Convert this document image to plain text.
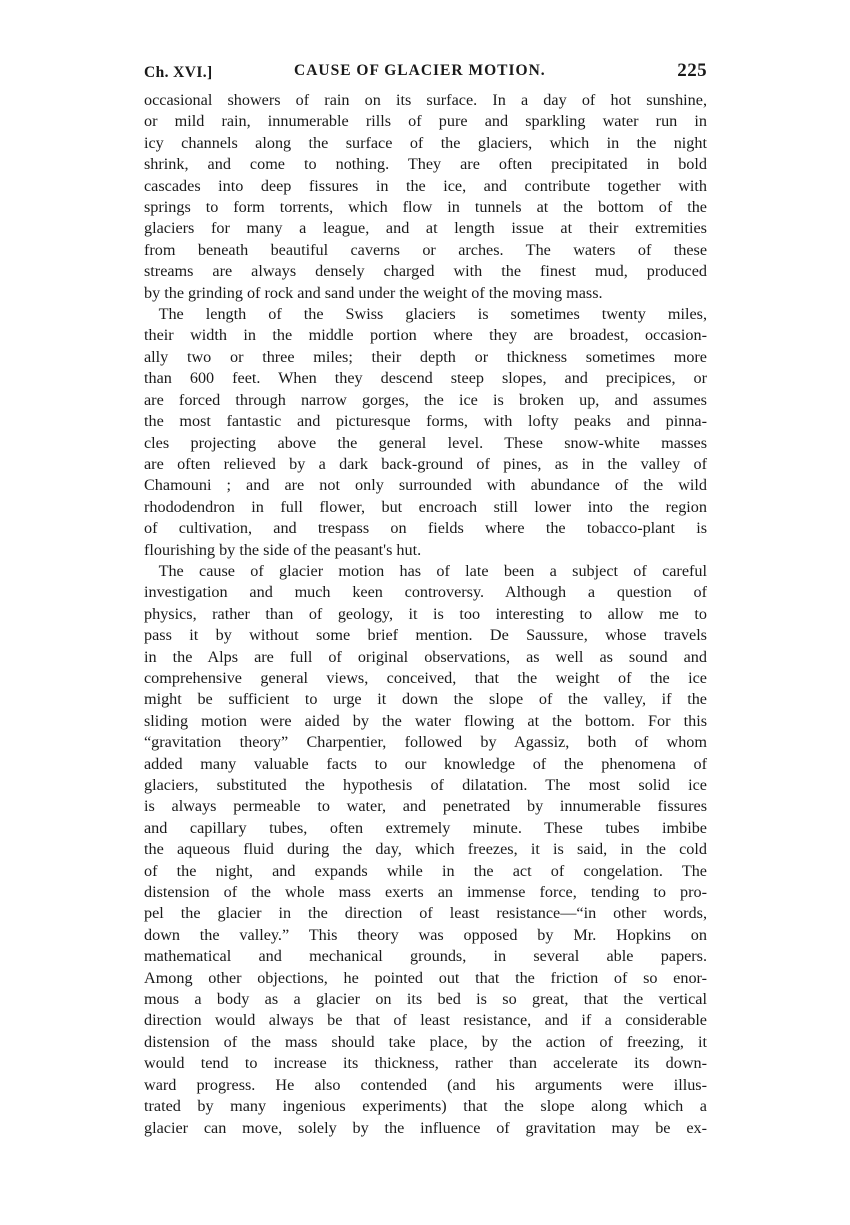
Ch. XVI.]	CAUSE OF GLACIER MOTION.	225

occasional showers of rain on its surface. In a day of hot sunshine,
or mild rain, innumerable rills of pure and sparkling water run in
icy channels along the surface of the glaciers, which in the night
shrink, and come to nothing. They are often precipitated in bold
cascades into deep fissures in the ice, and contribute together with
springs to form torrents, which flow in tunnels at the bottom of the
glaciers for many a league, and at length issue at their extremities
from beneath beautiful caverns or arches. The waters of these
streams are always densely charged with the finest mud, produced
by the grinding of rock and sand under the weight of the moving mass.

The length of the Swiss glaciers is sometimes twenty miles,
their width in the middle portion where they are broadest, occasion-
ally two or three miles; their depth or thickness sometimes more
than 600 feet. When they descend steep slopes, and precipices, or
are forced through narrow gorges, the ice is broken up, and assumes
the most fantastic and picturesque forms, with lofty peaks and pinna-
cles projecting above the general level. These snow-white masses
are often relieved by a dark back-ground of pines, as in the valley of
Chamouni ; and are not only surrounded with abundance of the wild
rhododendron in full flower, but encroach still lower into the region
of cultivation, and trespass on fields where the tobacco-plant is
flourishing by the side of the peasant's hut.

The cause of glacier motion has of late been a subject of careful
investigation and much keen controversy. Although a question of
physics, rather than of geology, it is too interesting to allow me to
pass it by without some brief mention. De Saussure, whose travels
in the Alps are full of original observations, as well as sound and
comprehensive general views, conceived, that the weight of the ice
might be sufficient to urge it down the slope of the valley, if the
sliding motion were aided by the water flowing at the bottom. For this
“gravitation theory” Charpentier, followed by Agassiz, both of whom
added many valuable facts to our knowledge of the phenomena of
glaciers, substituted the hypothesis of dilatation. The most solid ice
is always permeable to water, and penetrated by innumerable fissures
and capillary tubes, often extremely minute. These tubes imbibe
the aqueous fluid during the day, which freezes, it is said, in the cold
of the night, and expands while in the act of congelation. The
distension of the whole mass exerts an immense force, tending to pro-
pel the glacier in the direction of least resistance—“in other words,
down the valley.” This theory was opposed by Mr. Hopkins on
mathematical and mechanical grounds, in several able papers.
Among other objections, he pointed out that the friction of so enor-
mous a body as a glacier on its bed is so great, that the vertical
direction would always be that of least resistance, and if a considerable
distension of the mass should take place, by the action of freezing, it
would tend to increase its thickness, rather than accelerate its down-
ward progress. He also contended (and his arguments were illus-
trated by many ingenious experiments) that the slope along which a
glacier can move, solely by the influence of gravitation may be ex-
